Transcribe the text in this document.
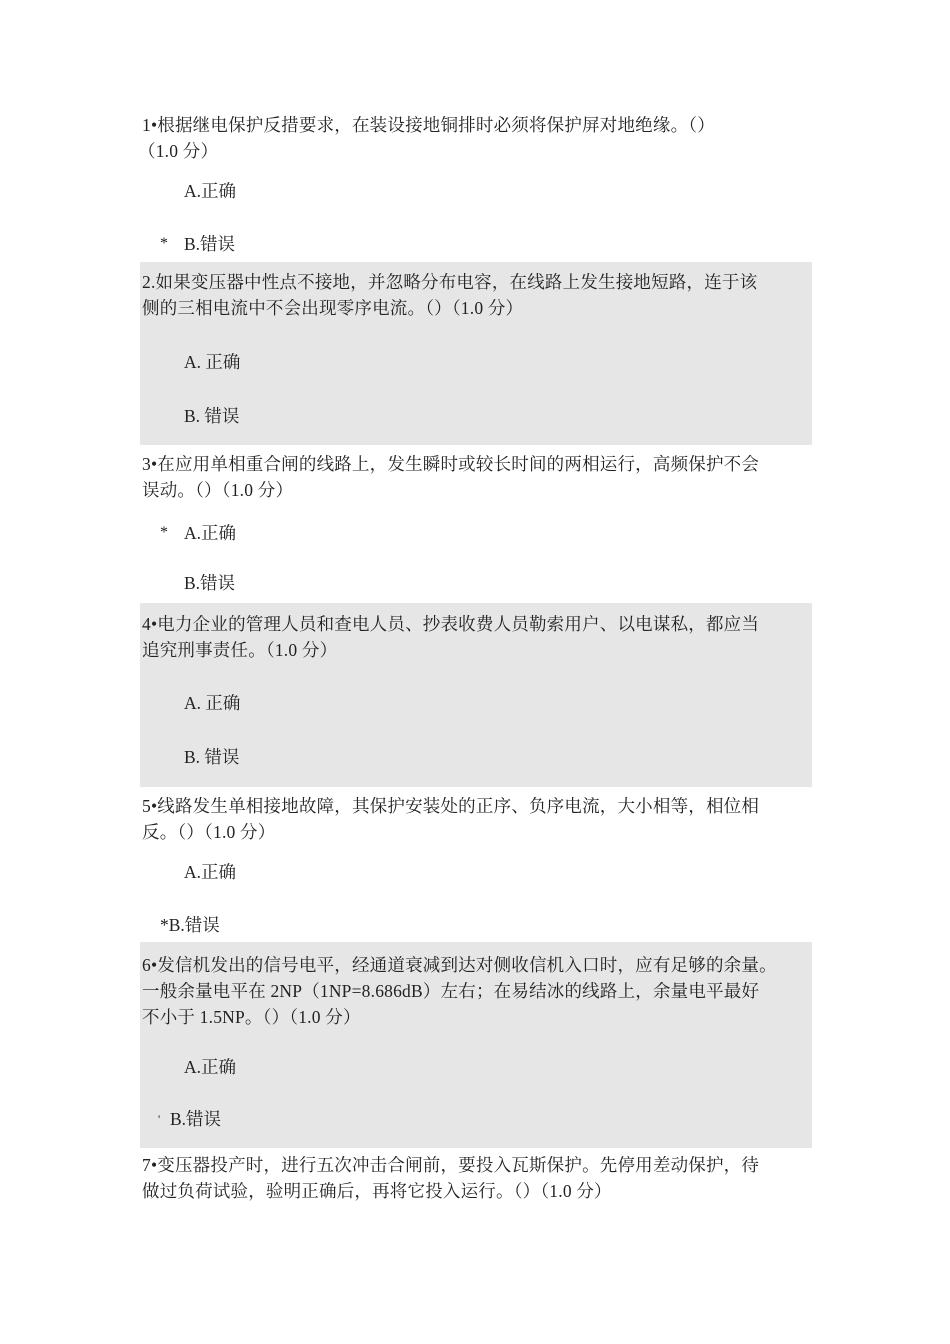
1•根据继电保护反措要求，在装设接地铜排时必须将保护屏对地绝缘。（）
（1.0 分）
A.正确
* B.错误
2.如果变压器中性点不接地，并忽略分布电容，在线路上发生接地短路，连于该
侧的三相电流中不会出现零序电流。（）（1.0 分）
A. 正确
B. 错误
3•在应用单相重合闸的线路上，发生瞬时或较长时间的两相运行，高频保护不会
误动。（）（1.0 分）
* A.正确
B.错误
4•电力企业的管理人员和查电人员、抄表收费人员勒索用户、以电谋私，都应当
追究刑事责任。（1.0 分）
A. 正确
B. 错误
5•线路发生单相接地故障，其保护安装处的正序、负序电流，大小相等，相位相
反。（）（1.0 分）
A.正确
*B.错误
6•发信机发出的信号电平，经通道衰减到达对侧收信机入口时，应有足够的余量。
一般余量电平在 2NP（1NP=8.686dB）左右；在易结冰的线路上，余量电平最好
不小于 1.5NP。（）（1.0 分）
A.正确
' B.错误
7•变压器投产时，进行五次冲击合闸前，要投入瓦斯保护。先停用差动保护，待
做过负荷试验，验明正确后，再将它投入运行。（）（1.0 分）
